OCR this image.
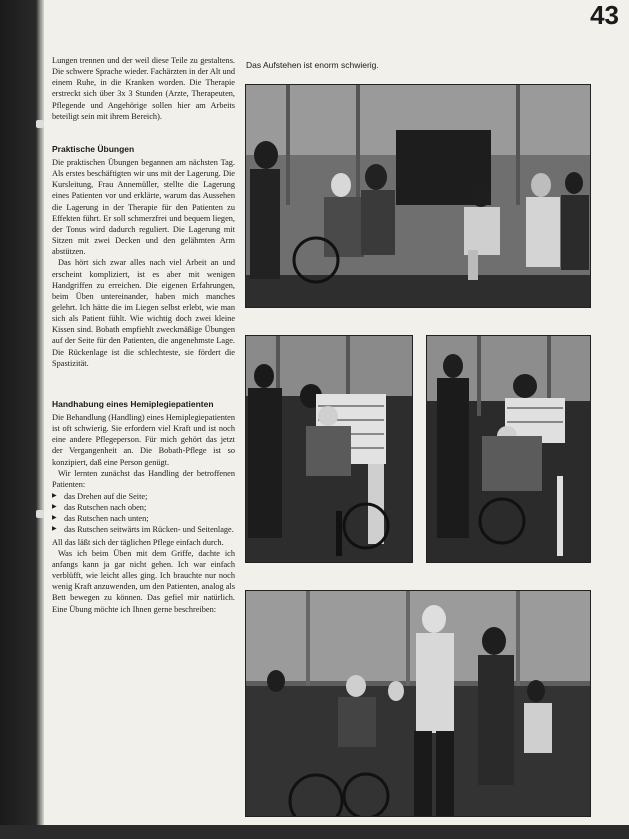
43

Lungen trennen und der weil diese Teile zu gestaltens. Die schwere Sprache wieder. Fachärzten in der Alt und einem Ruhe, in die Kranken worden. Die Therapie erstreckt sich über 3x 3 Stunden (Arzte, Therapeuten, Pflegende und Angehörige sollen hier am Arbeits beteiligt sein mit ihrem Bereich).

Praktische Übungen

Die praktischen Übungen begannen am nächsten Tag. Als erstes beschäftigten wir uns mit der Lagerung. Die Kursleitung, Frau Annemüller, stellte die Lagerung eines Patienten vor und erklärte, warum das Aussehen die Lagerung in der Therapie für den Patienten zu Effekten führt. Er soll schmerzfrei und bequem liegen, der Tonus wird dadurch reguliert. Die Lagerung mit Sitzen mit zwei Decken und den gelähmten Arm abstützen.

Das hört sich zwar alles nach viel Arbeit an und erscheint kompliziert, ist es aber mit wenigen Handgriffen zu erreichen. Die eigenen Erfahrungen, beim Üben untereinander, haben mich manches gelehrt. Ich hätte die im Liegen selbst erlebt, wie man sich als Patient fühlt. Wie wichtig doch zwei kleine Kissen sind. Bobath empfiehlt zweckmäßige Übungen auf der Seite für den Patienten, die angenehmste Lage. Die Rückenlage ist die schlechteste, sie fördert die Spastizität.

Handhabung eines Hemiplegiepatienten

Die Behandlung (Handling) eines Hemiplegiepatienten ist oft schwierig. Sie erfordern viel Kraft und ist noch eine andere Pflegeperson. Für mich gehört das jetzt der Vergangenheit an. Die Bobath-Pflege ist so konzipiert, daß eine Person genügt.

Wir lernten zunächst das Handling der betroffenen Patienten:

▶ das Drehen auf die Seite;
▶ das Rutschen nach oben;
▶ das Rutschen nach unten;
▶ das Rutschen seitwärts im Rücken- und Seitenlage.

All das läßt sich der täglichen Pflege einfach durch.

Was ich beim Üben mit dem Griffe, dachte ich anfangs kann ja gar nicht gehen. Ich war einfach verblüfft, wie leicht alles ging. Ich brauchte nur noch wenig Kraft anzuwenden, um den Patienten, analog als Bett bewegen zu können. Das gefiel mir natürlich. Eine Übung möchte ich Ihnen gerne beschreiben:

Das Aufstehen ist enorm schwierig.
